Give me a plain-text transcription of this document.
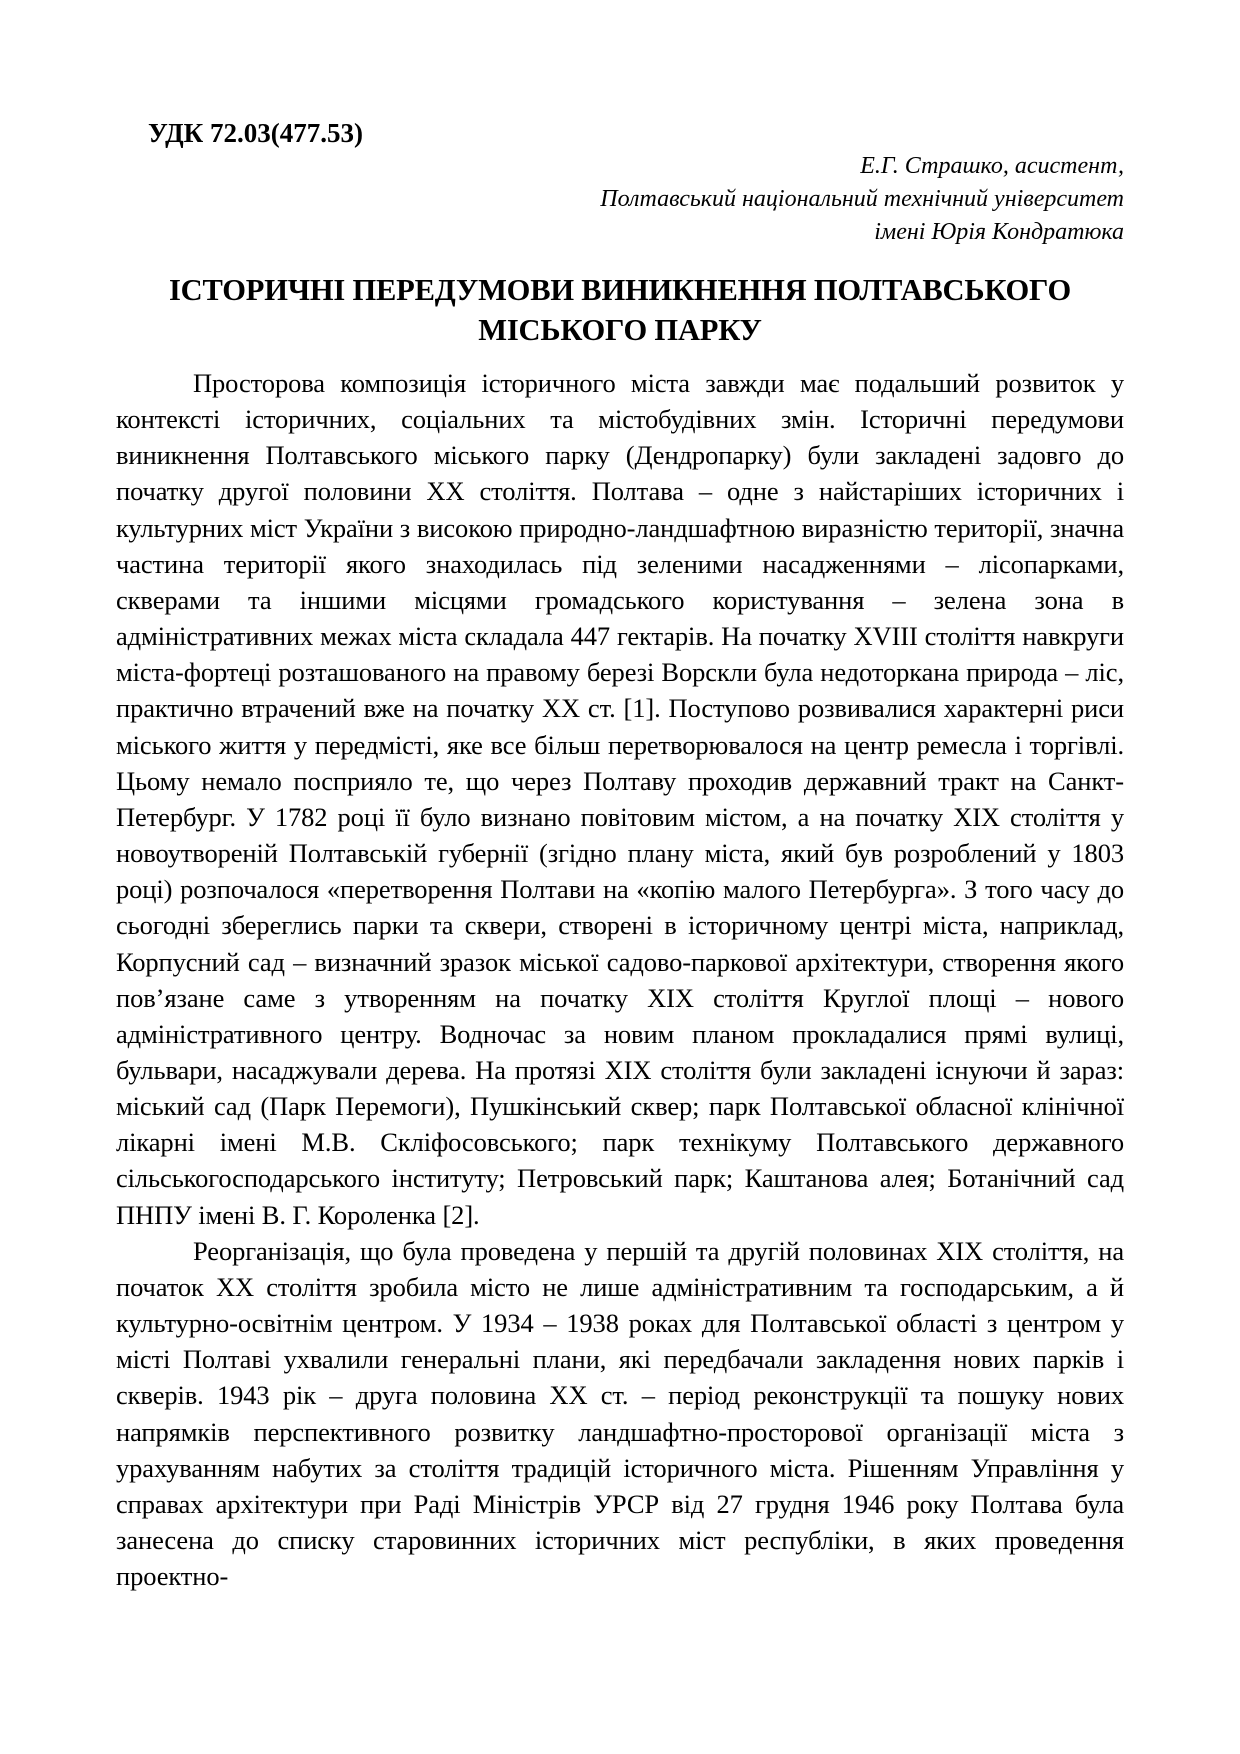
УДК 72.03(477.53)

Е.Г. Страшко, асистент,
Полтавський національний технічний університет
імені Юрія Кондратюка
ІСТОРИЧНІ ПЕРЕДУМОВИ ВИНИКНЕННЯ ПОЛТАВСЬКОГО
МІСЬКОГО ПАРКУ

Просторова композиція історичного міста завжди має подальший розвиток у контексті історичних, соціальних та містобудівних змін. Історичні передумови виникнення Полтавського міського парку (Дендропарку) були закладені задовго до початку другої половини XX століття. Полтава – одне з найстаріших історичних і культурних міст України з високою природно-ландшафтною виразністю території, значна частина території якого знаходилась під зеленими насадженнями – лісопарками, скверами та іншими місцями громадського користування – зелена зона в адміністративних межах міста складала 447 гектарів. На початку XVIII століття навкруги міста-фортеці розташованого на правому березі Ворскли була недоторкана природа – ліс, практично втрачений вже на початку XX ст. [1]. Поступово розвивалися характерні риси міського життя у передмісті, яке все більш перетворювалося на центр ремесла і торгівлі. Цьому немало посприяло те, що через Полтаву проходив державний тракт на Санкт-Петербург. У 1782 році її було визнано повітовим містом, а на початку XIX століття у новоутвореній Полтавській губернії (згідно плану міста, який був розроблений у 1803 році) розпочалося «перетворення Полтави на «копію малого Петербурга». З того часу до сьогодні збереглись парки та сквери, створені в історичному центрі міста, наприклад, Корпусний сад – визначний зразок міської садово-паркової архітектури, створення якого пов’язане саме з утворенням на початку XIX століття Круглої площі – нового адміністративного центру. Водночас за новим планом прокладалися прямі вулиці, бульвари, насаджували дерева. На протязі XIX століття були закладені існуючи й зараз: міський сад (Парк Перемоги), Пушкінський сквер; парк Полтавської обласної клінічної лікарні імені М.В. Скліфосовського; парк технікуму Полтавського державного сільськогосподарського інституту; Петровський парк; Каштанова алея; Ботанічний сад ПНПУ імені В. Г. Короленка [2].

Реорганізація, що була проведена у першій та другій половинах XIX століття, на початок XX століття зробила місто не лише адміністративним та господарським, а й культурно-освітнім центром. У 1934 – 1938 роках для Полтавської області з центром у місті Полтаві ухвалили генеральні плани, які передбачали закладення нових парків і скверів. 1943 рік – друга половина XX ст. – період реконструкції та пошуку нових напрямків перспективного розвитку ландшафтно-просторової організації міста з урахуванням набутих за століття традицій історичного міста. Рішенням Управління у справах архітектури при Раді Міністрів УРСР від 27 грудня 1946 року Полтава була занесена до списку старовинних історичних міст республіки, в яких проведення проектно-
